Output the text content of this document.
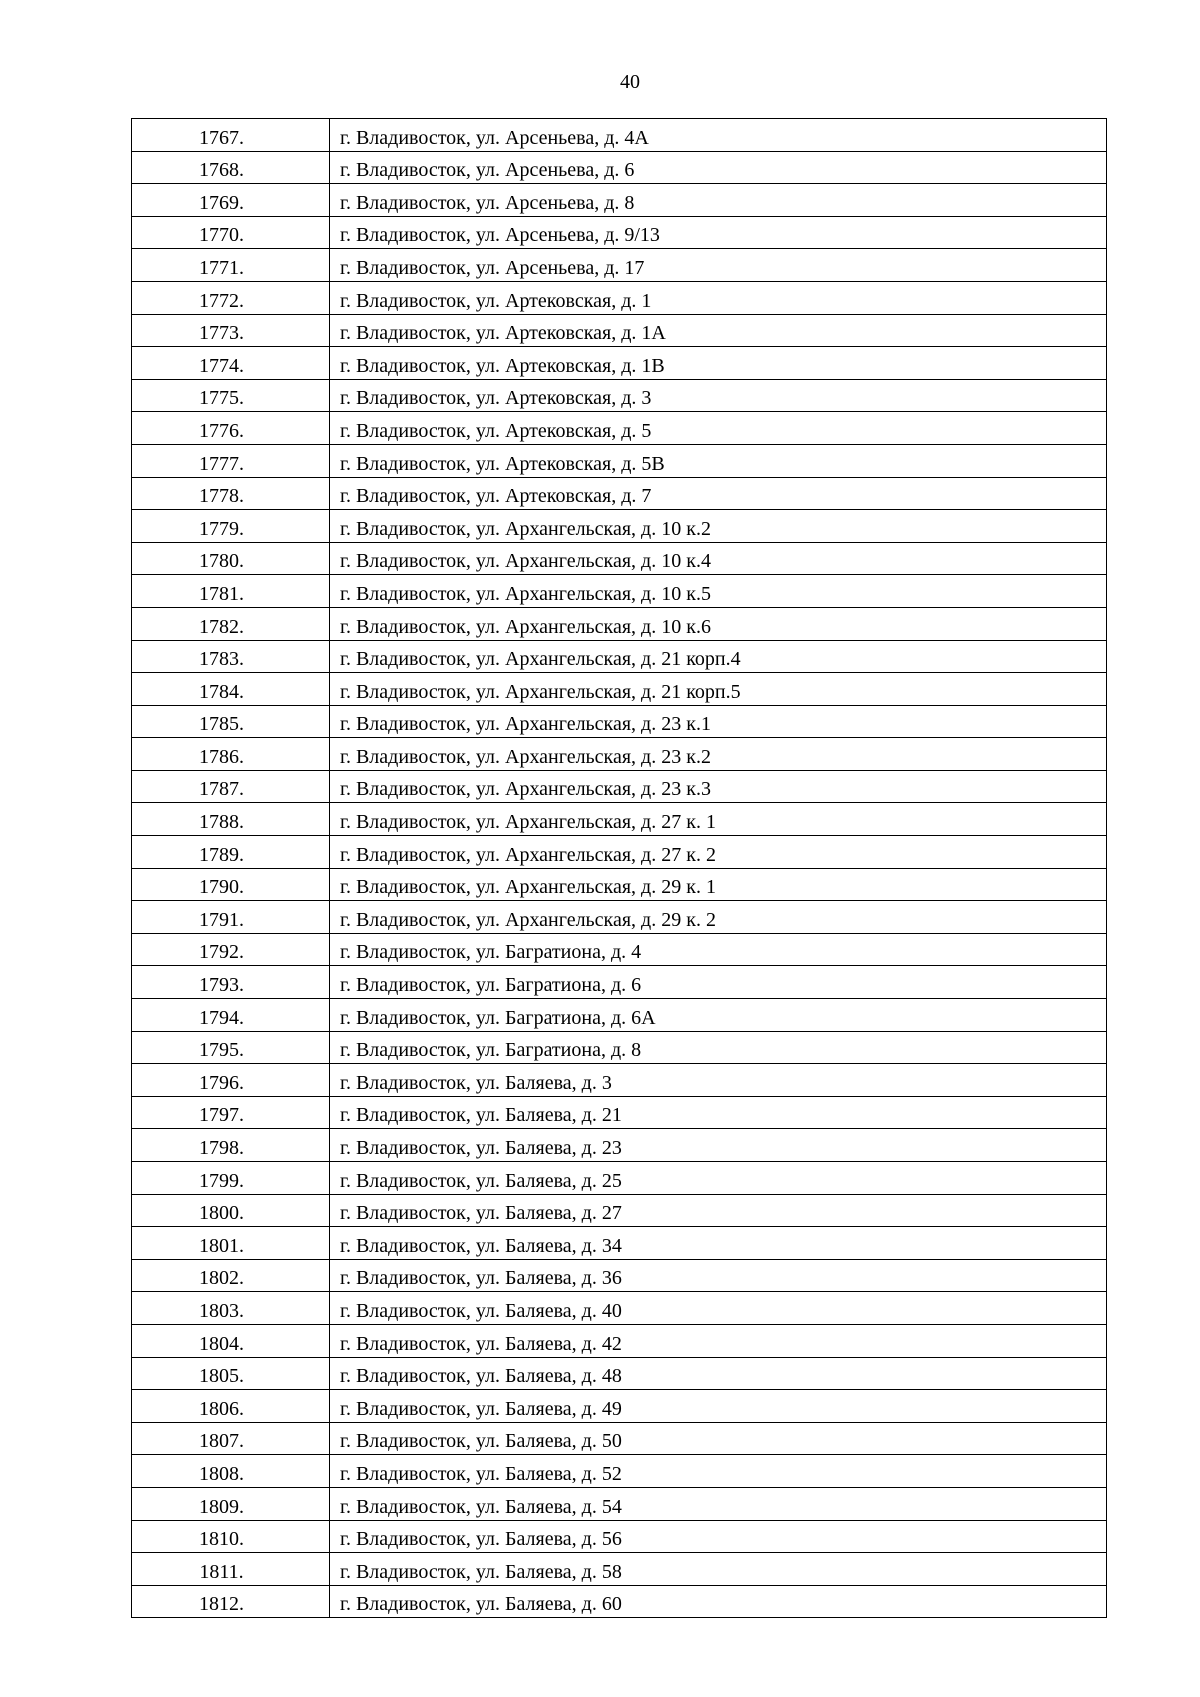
40
1767.	г. Владивосток, ул. Арсеньева, д. 4А
1768.	г. Владивосток, ул. Арсеньева, д. 6
1769.	г. Владивосток, ул. Арсеньева, д. 8
1770.	г. Владивосток, ул. Арсеньева, д. 9/13
1771.	г. Владивосток, ул. Арсеньева, д. 17
1772.	г. Владивосток, ул. Артековская, д. 1
1773.	г. Владивосток, ул. Артековская, д. 1А
1774.	г. Владивосток, ул. Артековская, д. 1В
1775.	г. Владивосток, ул. Артековская, д. 3
1776.	г. Владивосток, ул. Артековская, д. 5
1777.	г. Владивосток, ул. Артековская, д. 5В
1778.	г. Владивосток, ул. Артековская, д. 7
1779.	г. Владивосток, ул. Архангельская, д. 10 к.2
1780.	г. Владивосток, ул. Архангельская, д. 10 к.4
1781.	г. Владивосток, ул. Архангельская, д. 10 к.5
1782.	г. Владивосток, ул. Архангельская, д. 10 к.6
1783.	г. Владивосток, ул. Архангельская, д. 21 корп.4
1784.	г. Владивосток, ул. Архангельская, д. 21 корп.5
1785.	г. Владивосток, ул. Архангельская, д. 23 к.1
1786.	г. Владивосток, ул. Архангельская, д. 23 к.2
1787.	г. Владивосток, ул. Архангельская, д. 23 к.3
1788.	г. Владивосток, ул. Архангельская, д. 27 к. 1
1789.	г. Владивосток, ул. Архангельская, д. 27 к. 2
1790.	г. Владивосток, ул. Архангельская, д. 29 к. 1
1791.	г. Владивосток, ул. Архангельская, д. 29 к. 2
1792.	г. Владивосток, ул. Багратиона, д. 4
1793.	г. Владивосток, ул. Багратиона, д. 6
1794.	г. Владивосток, ул. Багратиона, д. 6А
1795.	г. Владивосток, ул. Багратиона, д. 8
1796.	г. Владивосток, ул. Баляева, д. 3
1797.	г. Владивосток, ул. Баляева, д. 21
1798.	г. Владивосток, ул. Баляева, д. 23
1799.	г. Владивосток, ул. Баляева, д. 25
1800.	г. Владивосток, ул. Баляева, д. 27
1801.	г. Владивосток, ул. Баляева, д. 34
1802.	г. Владивосток, ул. Баляева, д. 36
1803.	г. Владивосток, ул. Баляева, д. 40
1804.	г. Владивосток, ул. Баляева, д. 42
1805.	г. Владивосток, ул. Баляева, д. 48
1806.	г. Владивосток, ул. Баляева, д. 49
1807.	г. Владивосток, ул. Баляева, д. 50
1808.	г. Владивосток, ул. Баляева, д. 52
1809.	г. Владивосток, ул. Баляева, д. 54
1810.	г. Владивосток, ул. Баляева, д. 56
1811.	г. Владивосток, ул. Баляева, д. 58
1812.	г. Владивосток, ул. Баляева, д. 60
